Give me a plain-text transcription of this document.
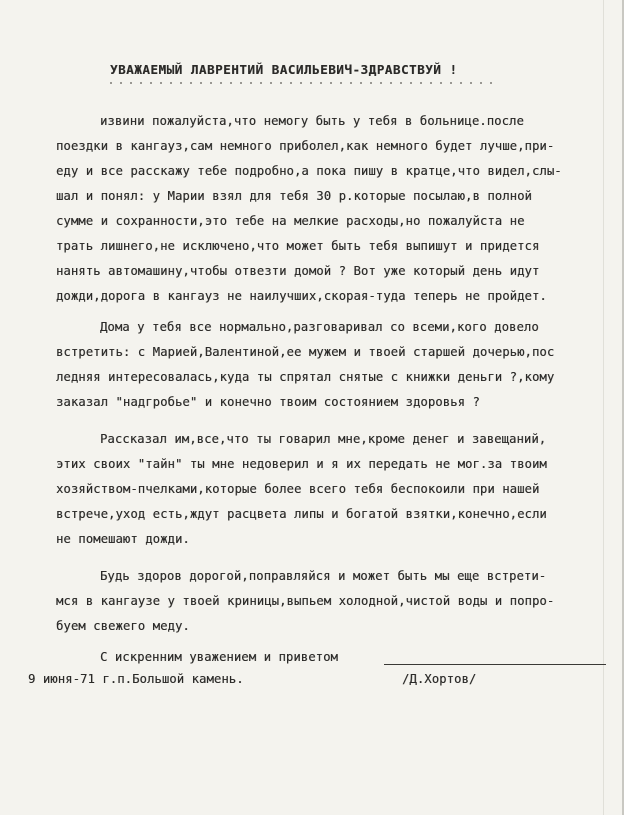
УВАЖАЕМЫЙ ЛАВРЕНТИЙ ВАСИЛЬЕВИЧ-ЗДРАВСТВУЙ !
извини пожалуйста,что немогу быть у тебя в больнице.после
поездки в кангауз,сам немного приболел,как немного будет лучше,при-
еду и все расскажу тебе подробно,а пока пишу в кратце,что видел,слы-
шал и понял: у Марии взял для тебя 30 р.которые посылаю,в полной
сумме и сохранности,это тебе на мелкие расходы,но пожалуйста не
трать лишнего,не исключено,что может быть тебя выпишут и придется
нанять автомашину,чтобы отвезти домой ? Вот уже который день идут
дожди,дорога в кангауз не наилучших,скорая-туда теперь не пройдет.
Дома у тебя все нормально,разговаривал со всеми,кого довело
встретить: с Марией,Валентиной,ее мужем и твоей старшей дочерью,пос
ледняя интересовалась,куда ты спрятал снятые с книжки деньги ?,кому
заказал "надгробье" и конечно твоим состоянием здоровья ?
Рассказал им,все,что ты говарил мне,кроме денег и завещаний,
этих своих "тайн" ты мне недоверил и я их передать не мог.за твоим
хозяйством-пчелками,которые более всего тебя беспокоили при нашей
встрече,уход есть,ждут расцвета липы и богатой взятки,конечно,если
не помешают дожди.
Будь здоров дорогой,поправляйся и может быть мы еще встрети-
мся в кангаузе у твоей криницы,выпьем холодной,чистой воды и попро-
буем свежего меду.
С искренним уважением и приветом
9 июня-71 г.п.Большой камень.	/Д.Хортов/
